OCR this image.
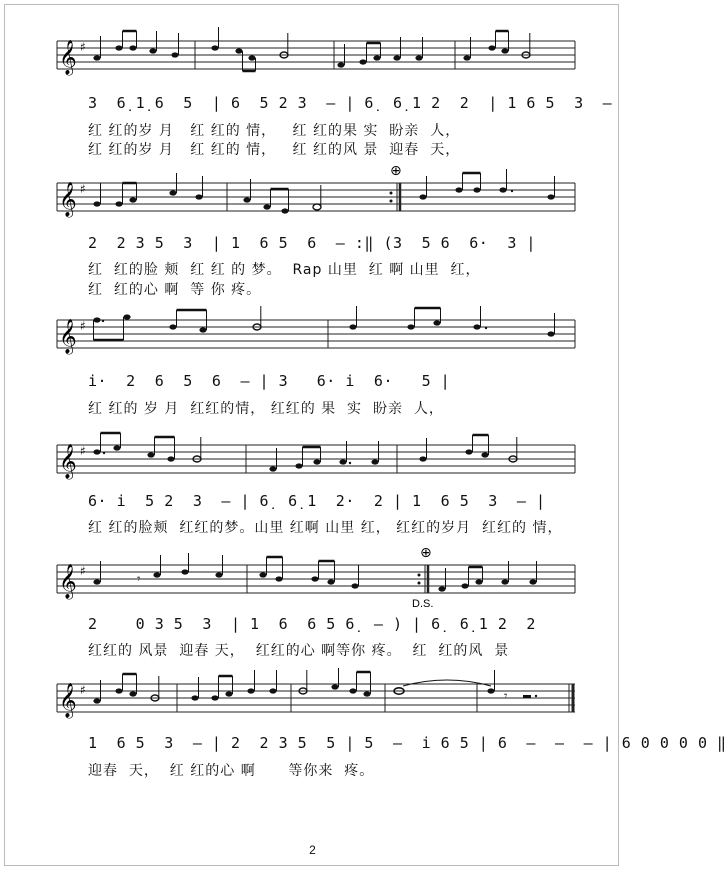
𝄞 ♯
3  6̣ 1̣ 6  5  | 6  5 2 3  — | 6̣  6̣ 1 2  2  | 1 6 5  3  —
红 红的岁 月   红 红的 情，   红 红的果 实  盼亲  人，
红 红的岁 月   红 红的 情，   红 红的风 景  迎春  天，
𝄞 ♯
⊕
2  2 3 5  3  | 1  6 5  6  — :‖ (3  5 6  6·  3 |
红  红的脸 颊  红 红 的 梦。  Rap 山里  红 啊 山里  红，
红  红的心 啊  等 你 疼。
𝄞 ♯
i·  2  6  5  6  — | 3   6· i  6·   5 |
红 红的 岁 月  红红的情， 红红的 果  实  盼亲  人，
𝄞 ♯
6· i  5 2  3  — | 6̣  6̣ 1  2·  2 | 1  6 5  3  — |
红 红的脸颊  红红的梦。山里 红啊 山里 红， 红红的岁月  红红的 情，
𝄞 ♯
⊕
D.S.
𝄾
2    0 3 5  3  | 1  6  6 5 6̣  — ) | 6̣  6̣ 1 2  2
红红的 风景  迎春 天，  红红的心 啊等你 疼。  红  红的风  景
𝄞 ♯	𝄾
1  6 5  3  — | 2  2 3 5  5 | 5  —  i 6 5 | 6  —  —  — | 6 0 0 0 0 ‖
迎春  天，  红 红的心 啊      等你来  疼。
2
